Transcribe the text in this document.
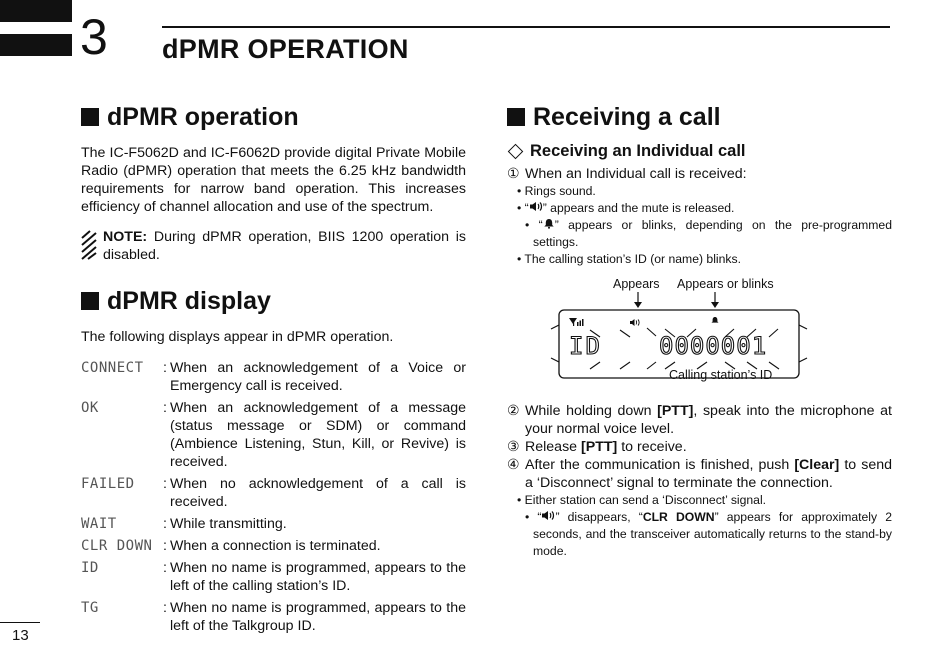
3 dPMR OPERATION
dPMR operation

The IC-F5062D and IC-F6062D provide digital Private Mobile Radio (dPMR) operation that meets the 6.25 kHz bandwidth requirements for narrow band operation. This increases efficiency of channel allocation and use of the spectrum.

NOTE: During dPMR operation, BIIS 1200 operation is disabled.
dPMR display

The following displays appear in dPMR operation.

CONNECT	: When an acknowledgement of a Voice or Emergency call is received.
OK	: When an acknowledgement of a message (status message or SDM) or command (Ambience Listening, Stun, Kill, or Revive) is received.
FAILED	: When no acknowledgement of a call is received.
WAIT	: While transmitting.
CLR DOWN : When a connection is terminated.
ID	: When no name is programmed, appears to the left of the calling station’s ID.
TG	: When no name is programmed, appears to the left of the Talkgroup ID.
Receiving a call
Receiving an Individual call
① When an Individual call is received:
• Rings sound.
• “ ” appears and the mute is released.
• “ ” appears or blinks, depending on the pre-programmed settings.
• The calling station’s ID (or name) blinks.
Appears Appears or blinks
ID 0000001
Calling station’s ID
② While holding down [PTT], speak into the microphone at your normal voice level.
③ Release [PTT] to receive.
④ After the communication is finished, push [Clear] to send a ‘Disconnect’ signal to terminate the connection.
• Either station can send a ‘Disconnect’ signal.
• “ ” disappears, “CLR DOWN” appears for approximately 2 seconds, and the transceiver automatically returns to the stand-by mode.
13
